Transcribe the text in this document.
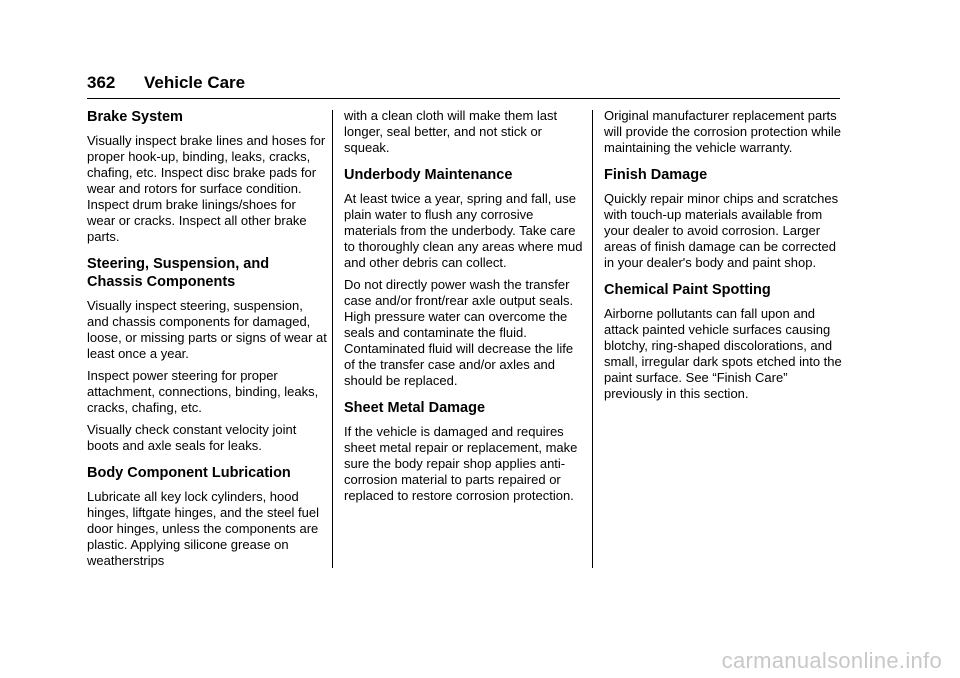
362 Vehicle Care
Brake System

Visually inspect brake lines and hoses for proper hook-up, binding, leaks, cracks, chafing, etc. Inspect disc brake pads for wear and rotors for surface condition. Inspect drum brake linings/shoes for wear or cracks. Inspect all other brake parts.

Steering, Suspension, and Chassis Components

Visually inspect steering, suspension, and chassis components for damaged, loose, or missing parts or signs of wear at least once a year.

Inspect power steering for proper attachment, connections, binding, leaks, cracks, chafing, etc.

Visually check constant velocity joint boots and axle seals for leaks.

Body Component Lubrication

Lubricate all key lock cylinders, hood hinges, liftgate hinges, and the steel fuel door hinges, unless the components are plastic. Applying silicone grease on weatherstrips

with a clean cloth will make them last longer, seal better, and not stick or squeak.

Underbody Maintenance

At least twice a year, spring and fall, use plain water to flush any corrosive materials from the underbody. Take care to thoroughly clean any areas where mud and other debris can collect.

Do not directly power wash the transfer case and/or front/rear axle output seals. High pressure water can overcome the seals and contaminate the fluid. Contaminated fluid will decrease the life of the transfer case and/or axles and should be replaced.

Sheet Metal Damage

If the vehicle is damaged and requires sheet metal repair or replacement, make sure the body repair shop applies anti-corrosion material to parts repaired or replaced to restore corrosion protection.

Original manufacturer replacement parts will provide the corrosion protection while maintaining the vehicle warranty.

Finish Damage

Quickly repair minor chips and scratches with touch-up materials available from your dealer to avoid corrosion. Larger areas of finish damage can be corrected in your dealer's body and paint shop.

Chemical Paint Spotting

Airborne pollutants can fall upon and attack painted vehicle surfaces causing blotchy, ring-shaped discolorations, and small, irregular dark spots etched into the paint surface. See “Finish Care” previously in this section.

carmanualsonline.info
